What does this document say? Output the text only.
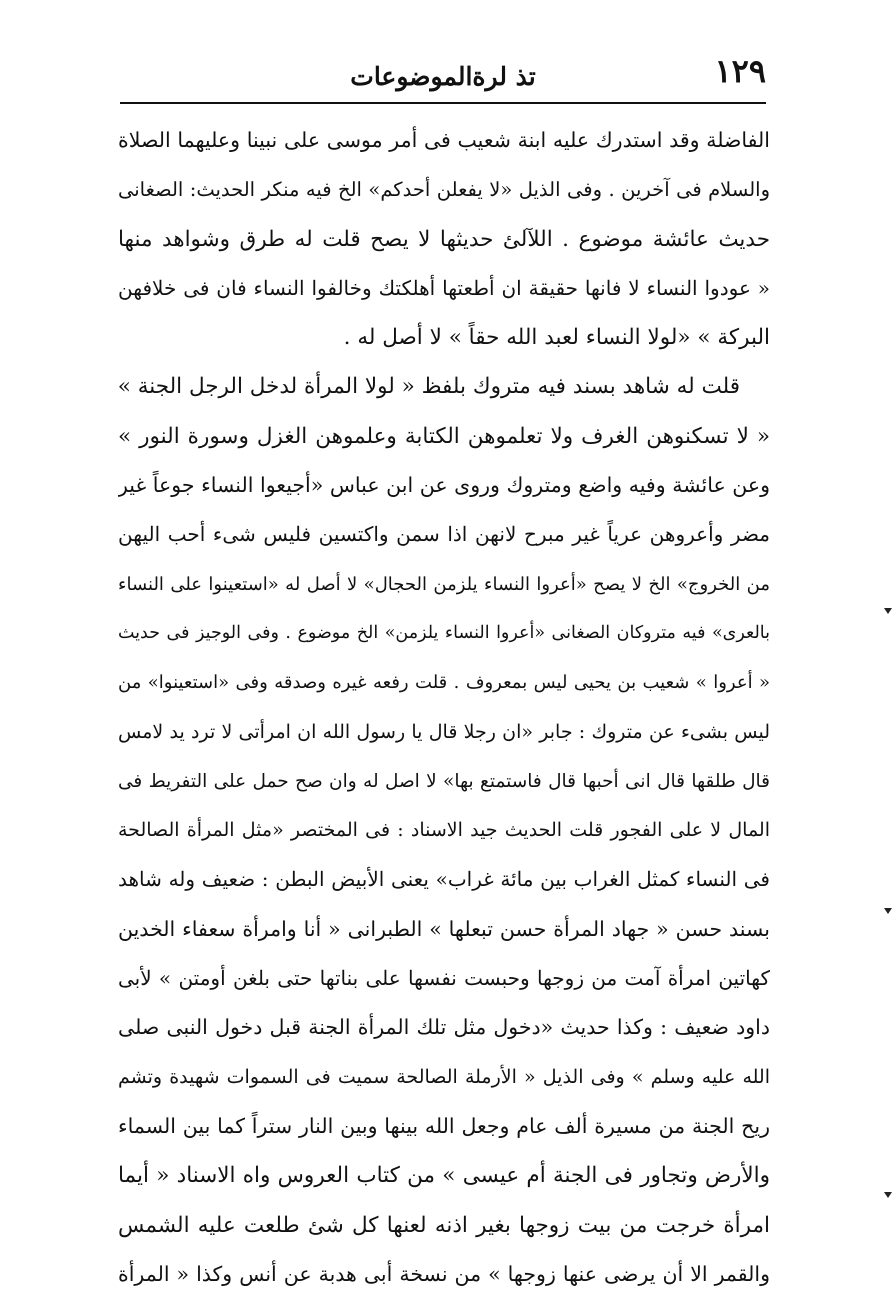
١٢٩
تذ لرةالموضوعات
الفاضلة وقد استدرك عليه ابنة شعيب فى أمر موسى على نبينا وعليهما الصلاة
والسلام فى آخرين . وفى الذيل «لا يفعلن أحدكم» الخ فيه منكر الحديث: الصغانى
حديث عائشة موضوع . اللآلئ حديثها لا يصح قلت له طرق وشواهد منها
« عودوا النساء لا فانها حقيقة ان أطعتها أهلكتك وخالفوا النساء فان فى خلافهن
البركة » «لولا النساء لعبد الله حقاً » لا أصل له .
قلت له شاهد بسند فيه متروك بلفظ « لولا المرأة لدخل الرجل الجنة »
« لا تسكنوهن الغرف ولا تعلموهن الكتابة وعلموهن الغزل وسورة النور »
وعن عائشة وفيه واضع ومتروك وروى عن ابن عباس «أجيعوا النساء جوعاً غير
مضر وأعروهن عرياً غير مبرح لانهن اذا سمن واكتسين فليس شىء أحب اليهن
من الخروج» الخ لا يصح «أعروا النساء يلزمن الحجال» لا أصل له «استعينوا على النساء
بالعرى» فيه متروكان الصغانى «أعروا النساء يلزمن» الخ موضوع . وفى الوجيز فى حديث
« أعروا » شعيب بن يحيى ليس بمعروف . قلت رفعه غيره وصدقه وفى «استعينوا» من
ليس بشىء عن متروك : جابر «ان رجلا قال يا رسول الله ان امرأتى لا ترد يد لامس
قال طلقها قال انى أحبها قال فاستمتع بها» لا اصل له وان صح حمل على التفريط فى
المال لا على الفجور قلت الحديث جيد الاسناد : فى المختصر «مثل المرأة الصالحة
فى النساء كمثل الغراب بين مائة غراب» يعنى الأبيض البطن : ضعيف وله شاهد
بسند حسن « جهاد المرأة حسن تبعلها » الطبرانى « أنا وامرأة سعفاء الخدين
كهاتين امرأة آمت من زوجها وحبست نفسها على بناتها حتى بلغن أومتن » لأبى
داود ضعيف : وكذا حديث «دخول مثل تلك المرأة الجنة قبل دخول النبى صلى
الله عليه وسلم » وفى الذيل « الأرملة الصالحة سميت فى السموات شهيدة وتشم
ريح الجنة من مسيرة ألف عام وجعل الله بينها وبين النار ستراً كما بين السماء
والأرض وتجاور فى الجنة أم عيسى » من كتاب العروس واه الاسناد « أيما
امرأة خرجت من بيت زوجها بغير اذنه لعنها كل شئ طلعت عليه الشمس
والقمر الا أن يرضى عنها زوجها » من نسخة أبى هدبة عن أنس وكذا « المرأة
